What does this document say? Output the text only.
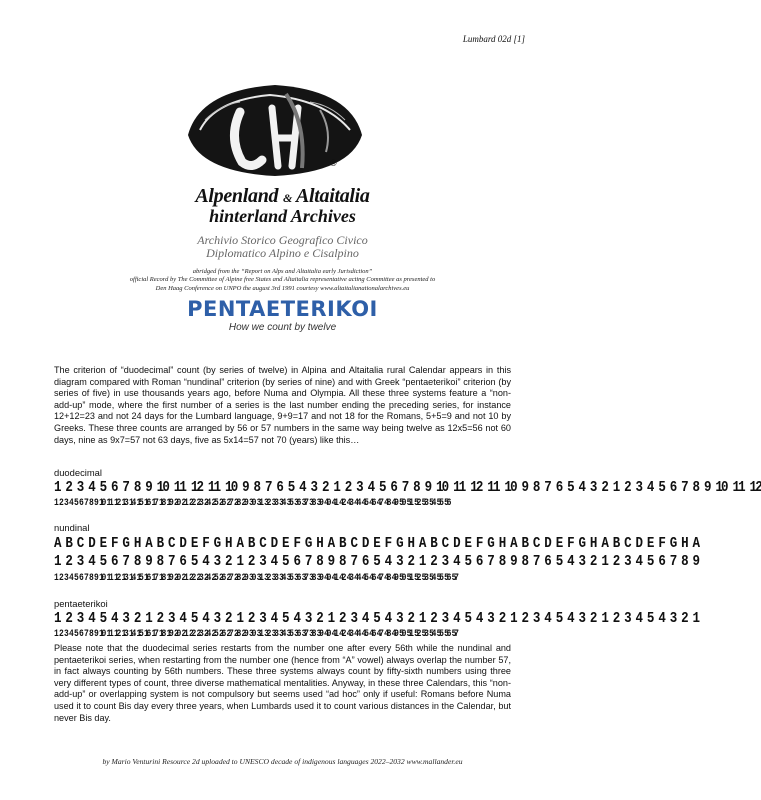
Lumbard 02d [1]
®
Alpenland & Altaitalia
hinterland Archives
Archivio Storico Geografico Civico
Diplomatico Alpino e Cisalpino
abridged from the “Report on Alps and Altaitalia early Jurisdiction”
official Record by The Committee of Alpine free States and Altaitalia representative acting Committee as presented to
Den Haag Conference on UNPO the august 3rd 1991 courtesy www.altaitalianationalarchives.eu
PENTAETERIKOI
How we count by twelve

The criterion of “duodecimal” count (by series of twelve) in Alpina and Altaitalia rural Calendar appears in this diagram compared with Roman “nundinal” criterion (by series of nine) and with Greek “pentaeterikoi” criterion (by series of five) in use thousands years ago, before Numa and Olympia. All these three systems feature a “non-add-up” mode, where the first number of a series is the last number ending the preceding series, for instance 12+12=23 and not 24 days for the Lumbard language, 9+9=17 and not 18 for the Romans, 5+5=9 and not 10 by Greeks. These three counts are arranged by 56 or 57 numbers in the same way being twelve as 12x5=56 not 60 days, nine as 9x7=57 not 63 days, five as 5x14=57 not 70 (years) like this…

duodecimal
1 2 3 4 5 6 7 8 9 10 11 12 11 10 9 8 7 6 5 4 3 2 1 2 3 4 5 6 7 8 9 10 11 12 11 10 9 8 7 6 5 4 3 2 1 2 3 4 5 6 7 8 9 10 11 12
1 2 3 4 5 6 7 8 9 10 11 12 13 14 15 16 17 18 19 20 21 22 23 24 25 26 27 28 29 30 31 32 33 34 35 36 37 38 39 40 41 42 43 44 45 46 47 48 49 50 51 52 53 54 55 56
nundinal
A B C D E F G H A B C D E F G H A B C D E F G H A B C D E F G H A B C D E F G H A B C D E F G H A B C D E F G H A
1 2 3 4 5 6 7 8 9 8 7 6 5 4 3 2 1 2 3 4 5 6 7 8 9 8 7 6 5 4 3 2 1 2 3 4 5 6 7 8 9 8 7 6 5 4 3 2 1 2 3 4 5 6 7 8 9
1 2 3 4 5 6 7 8 9 10 11 12 13 14 15 16 17 18 19 20 21 22 23 24 25 26 27 28 29 30 31 32 33 34 35 36 37 38 39 40 41 42 43 44 45 46 47 48 49 50 51 52 53 54 55 56 57
pentaeterikoi
1 2 3 4 5 4 3 2 1 2 3 4 5 4 3 2 1 2 3 4 5 4 3 2 1 2 3 4 5 4 3 2 1 2 3 4 5 4 3 2 1 2 3 4 5 4 3 2 1 2 3 4 5 4 3 2 1
1 2 3 4 5 6 7 8 9 10 11 12 13 14 15 16 17 18 19 20 21 22 23 24 25 26 27 28 29 30 31 32 33 34 35 36 37 38 39 40 41 42 43 44 45 46 47 48 49 50 51 52 53 54 55 56 57

Please note that the duodecimal series restarts from the number one after every 56th while the nundinal and pentaeterikoi series, when restarting from the number one (hence from “A” vowel) always overlap the number 57, in fact always counting by 56th numbers. These three systems always count by fifty-sixth numbers using three very different types of count, three diverse mathematical mentalities. Anyway, in these three Calendars, this “non-add-up” or overlapping system is not compulsory but seems used “ad hoc” only if useful: Romans before Numa used it to count Bis day every three years, when Lumbards used it to count various distances in the Calendar, but never Bis day.

by Mario Venturini Resource 2d uploaded to UNESCO decade of indigenous languages 2022–2032 www.mallander.eu
